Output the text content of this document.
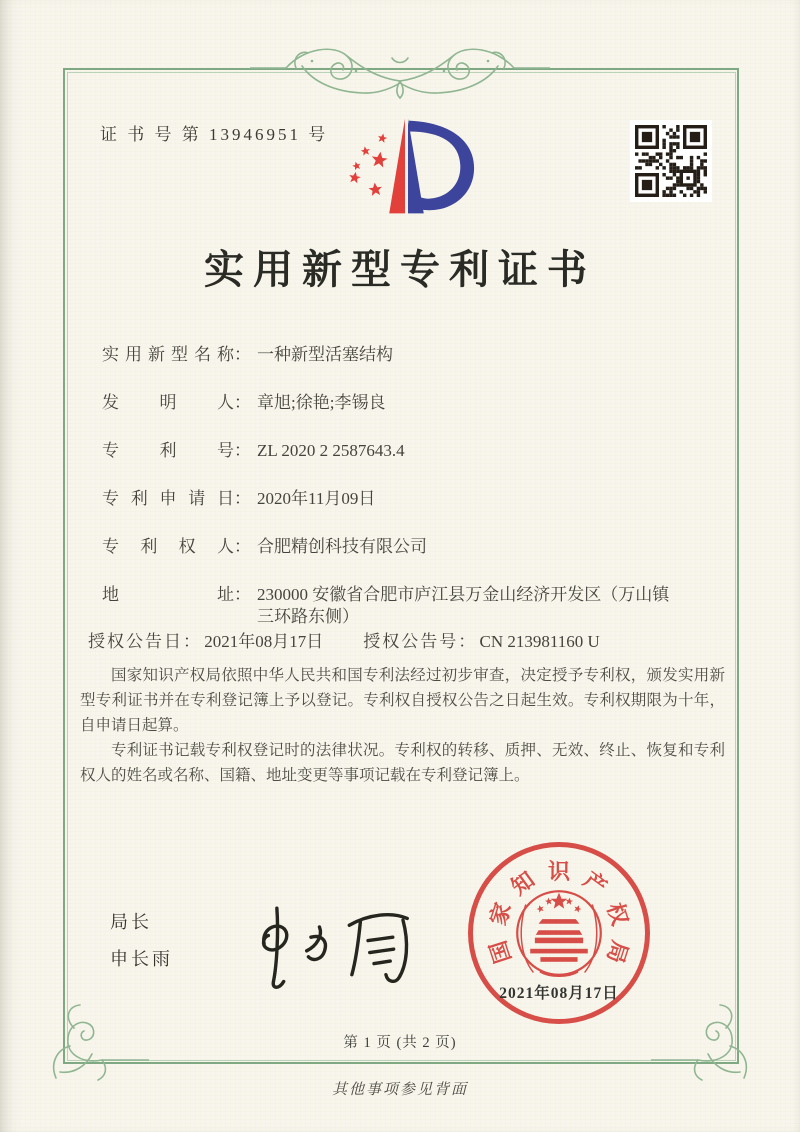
证 书 号 第 13946951 号
实用新型专利证书
实用新型名称 ： 一种新型活塞结构
发明人 ： 章旭;徐艳;李锡良
专利号 ： ZL 2020 2 2587643.4
专利申请日 ： 2020年11月09日
专利权人 ： 合肥精创科技有限公司
地址 ： 230000 安徽省合肥市庐江县万金山经济开发区（万山镇
三环路东侧）
授权公告日： 2021年08月17日 授权公告号： CN 213981160 U

国家知识产权局依照中华人民共和国专利法经过初步审查，决定授予专利权，颁发实用新型专利证书并在专利登记簿上予以登记。专利权自授权公告之日起生效。专利权期限为十年，自申请日起算。

专利证书记载专利权登记时的法律状况。专利权的转移、质押、无效、终止、恢复和专利权人的姓名或名称、国籍、地址变更等事项记载在专利登记簿上。

局长
申长雨	国
家
知 识 产
权
局
2021年08月17日
第 1 页 (共 2 页)
其他事项参见背面
